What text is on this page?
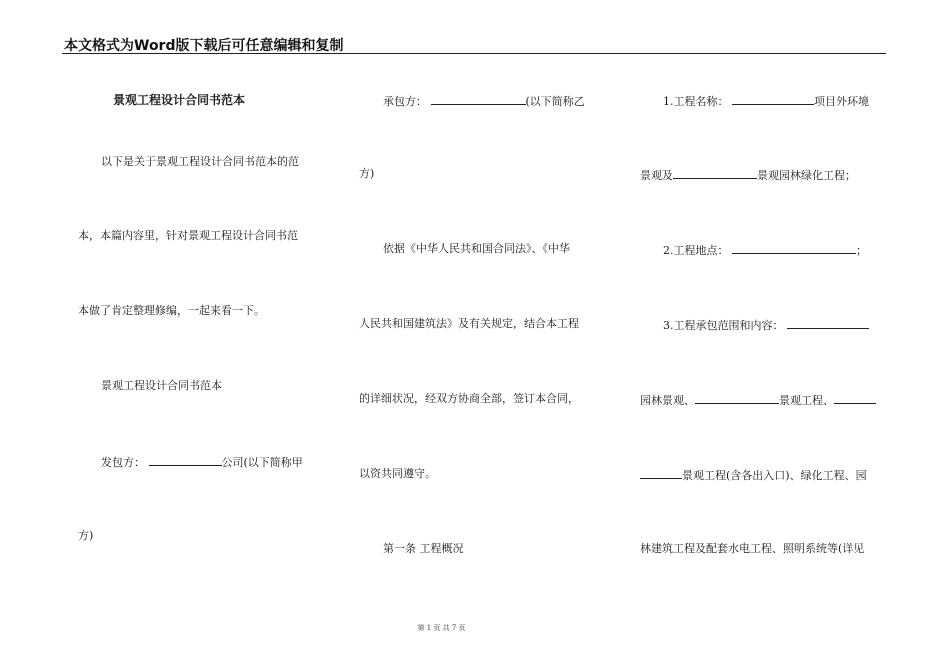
本文格式为Word版下载后可任意编辑和复制
景观工程设计合同书范本
以下是关于景观工程设计合同书范本的范
本，本篇内容里，针对景观工程设计合同书范
本做了肯定整理修编，一起来看一下。
景观工程设计合同书范本
发包方：	公司(以下简称甲
方)
承包方：	(以下简称乙
方)
依据《中华人民共和国合同法》、《中华
人民共和国建筑法》及有关规定，结合本工程
的详细状况，经双方协商全部，签订本合同，
以资共同遵守。
第一条 工程概况
1.工程名称：	项目外环境
景观及	景观园林绿化工程；
2.工程地点：	；
3.工程承包范围和内容：
园林景观、	景观工程、
景观工程(含各出入口)、绿化工程、园
林建筑工程及配套水电工程、照明系统等(详见
第 1 页 共 7 页
